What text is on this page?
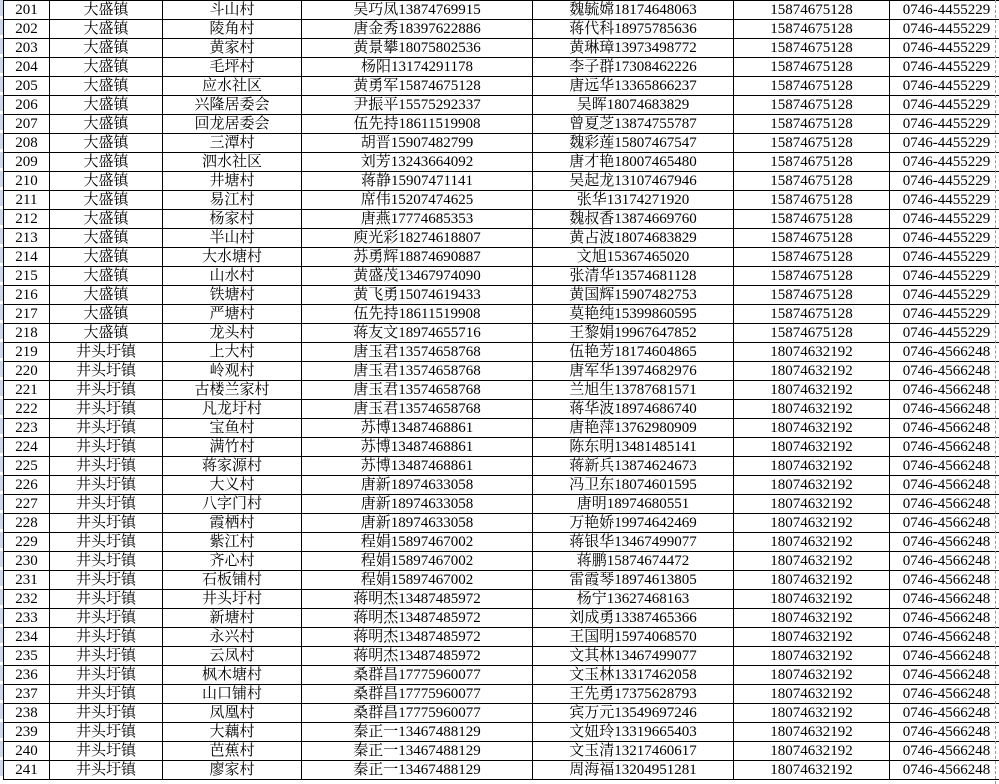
201	大盛镇	斗山村	吴巧凤13874769915	魏毓嫦18174648063	15874675128	0746-4455229
202	大盛镇	陵角村	唐金秀18397622886	蒋代科18975785636	15874675128	0746-4455229
203	大盛镇	黄家村	黄景攀18075802536	黄琳璋13973498772	15874675128	0746-4455229
204	大盛镇	毛坪村	杨阳13174291178	李子群17308462226	15874675128	0746-4455229
205	大盛镇	应水社区	黄勇军15874675128	唐远华13365866237	15874675128	0746-4455229
206	大盛镇	兴隆居委会	尹振平15575292337	吴晖18074683829	15874675128	0746-4455229
207	大盛镇	回龙居委会	伍先持18611519908	曾夏芝13874755787	15874675128	0746-4455229
208	大盛镇	三潭村	胡晋15907482799	魏彩莲15807467547	15874675128	0746-4455229
209	大盛镇	泗水社区	刘芳13243664092	唐才艳18007465480	15874675128	0746-4455229
210	大盛镇	井塘村	蒋静15907471141	吴起龙13107467946	15874675128	0746-4455229
211	大盛镇	易江村	席伟15207474625	张华13174271920	15874675128	0746-4455229
212	大盛镇	杨家村	唐燕17774685353	魏叔香13874669760	15874675128	0746-4455229
213	大盛镇	半山村	庾光彩18274618807	黄占波18074683829	15874675128	0746-4455229
214	大盛镇	大水塘村	苏勇辉18874690887	文旭15367465020	15874675128	0746-4455229
215	大盛镇	山水村	黄盛茂13467974090	张清华13574681128	15874675128	0746-4455229
216	大盛镇	铁塘村	黄飞勇15074619433	黄国辉15907482753	15874675128	0746-4455229
217	大盛镇	严塘村	伍先持18611519908	莫艳纯15399860595	15874675128	0746-4455229
218	大盛镇	龙头村	蒋友文18974655716	王黎娟19967647852	15874675128	0746-4455229
219	井头圩镇	上大村	唐玉君13574658768	伍艳芳18174604865	18074632192	0746-4566248
220	井头圩镇	岭观村	唐玉君13574658768	唐军华13974682976	18074632192	0746-4566248
221	井头圩镇	古楼兰家村	唐玉君13574658768	兰旭生13787681571	18074632192	0746-4566248
222	井头圩镇	凡龙圩村	唐玉君13574658768	蒋华波18974686740	18074632192	0746-4566248
223	井头圩镇	宝鱼村	苏博13487468861	唐艳萍13762980909	18074632192	0746-4566248
224	井头圩镇	满竹村	苏博13487468861	陈东明13481485141	18074632192	0746-4566248
225	井头圩镇	蒋家源村	苏博13487468861	蒋新兵13874624673	18074632192	0746-4566248
226	井头圩镇	大义村	唐新18974633058	冯卫东18074601595	18074632192	0746-4566248
227	井头圩镇	八字门村	唐新18974633058	唐明18974680551	18074632192	0746-4566248
228	井头圩镇	霞栖村	唐新18974633058	万艳娇19974642469	18074632192	0746-4566248
229	井头圩镇	紫江村	程娟15897467002	蒋银华13467499077	18074632192	0746-4566248
230	井头圩镇	齐心村	程娟15897467002	蒋鹏15874674472	18074632192	0746-4566248
231	井头圩镇	石板铺村	程娟15897467002	雷霞琴18974613805	18074632192	0746-4566248
232	井头圩镇	井头圩村	蒋明杰13487485972	杨宁13627468163	18074632192	0746-4566248
233	井头圩镇	新塘村	蒋明杰13487485972	刘成勇13387465366	18074632192	0746-4566248
234	井头圩镇	永兴村	蒋明杰13487485972	王国明15974068570	18074632192	0746-4566248
235	井头圩镇	云凤村	蒋明杰13487485972	文其林13467499077	18074632192	0746-4566248
236	井头圩镇	枫木塘村	桑群昌17775960077	文玉林13317462058	18074632192	0746-4566248
237	井头圩镇	山口铺村	桑群昌17775960077	王先勇17375628793	18074632192	0746-4566248
238	井头圩镇	凤凰村	桑群昌17775960077	宾万元13549697246	18074632192	0746-4566248
239	井头圩镇	大藕村	秦正一13467488129	文妞玲13319665403	18074632192	0746-4566248
240	井头圩镇	芭蕉村	秦正一13467488129	文玉清13217460617	18074632192	0746-4566248
241	井头圩镇	廖家村	秦正一13467488129	周海福13204951281	18074632192	0746-4566248
